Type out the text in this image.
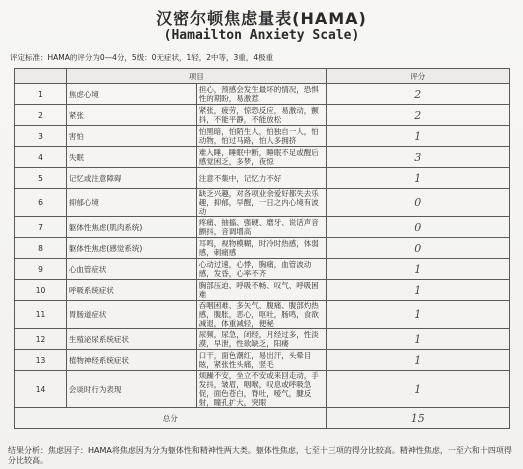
汉密尔顿焦虑量表(HAMA)
(Hamailton Anxiety Scale)
评定标准：HAMA的评分为0—4分，5级：0无症状，1轻，2中等，3重，4极重
	项目		评分
1	焦虑心境	担心，预感会发生最坏的情况，恐惧性的期盼，易激惹	2
2	紧张	紧张，疲劳，惊恐反应，易激动，颤抖，不能平静，不能放松	2
3	害怕	怕黑暗，怕陌生人，怕独自一人，怕动物，怕过马路，怕人多拥挤	1
4	失眠	难入睡，睡眠中断，睡眠不足或醒后感觉困乏，多梦，夜惊	3
5	记忆或注意障碍	注意不集中，记忆力不好	1
6	抑郁心境	缺乏兴趣，对各项业余爱好都失去乐趣，抑郁，早醒，一日之内心境有波动	0
7	躯体性焦虑(肌肉系统)	疼痛、抽搐、强硬、磨牙、说话声音颤抖，音调增高	0
8	躯体性焦虑(感觉系统)	耳鸣，视物模糊，时冷时热感，体弱感，刺痛感	0
9	心血管症状	心动过速，心悸，胸痛，血管波动感，发昏，心率不齐	1
10	呼吸系统症状	胸部压迫、呼吸不畅、叹气、呼吸困难	1
11	胃肠道症状	吞咽困难、多矢气、腹痛、腹部灼热感，腹胀，恶心，呕吐，肠鸣，食欲减退，体重减轻，便秘	1
12	生殖泌尿系统症状	尿频，尿急，闭经，月经过多，性淡漠，早泄，性欲缺乏，阳痿	1
13	植物神经系统症状	口干，面色潮红，易出汗，头晕目眩，紧张性头痛，竖毛	1
14	会谈时行为表现	烦躁不安，坐立不安或来回走动，手发抖，皱眉，咽喉，叹息或呼吸急促，面色苍白，脊吐，嗳气，腱反射，瞳孔扩大，突眼	1
总分			15
结果分析：焦虑因子：HAMA将焦虑因为分为躯体性和精神性两大类。躯体性焦虑，七至十三项的得分比较高。精神性焦虑，一至六和十四项得分比较高。
